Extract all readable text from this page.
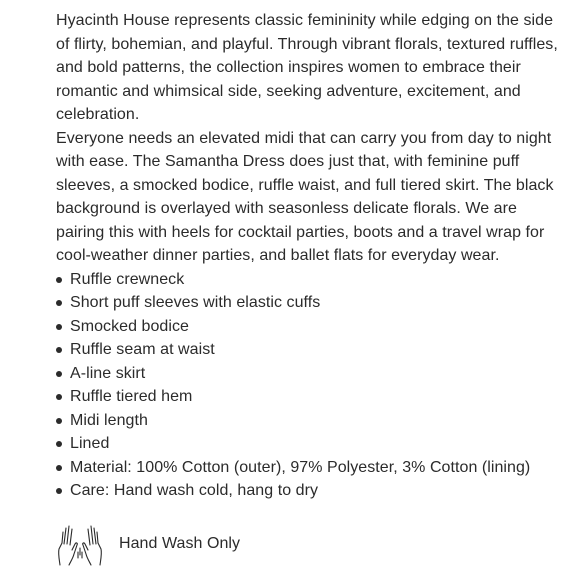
Hyacinth House represents classic femininity while edging on the side of flirty, bohemian, and playful. Through vibrant florals, textured ruffles, and bold patterns, the collection inspires women to embrace their romantic and whimsical side, seeking adventure, excitement, and celebration.

Everyone needs an elevated midi that can carry you from day to night with ease. The Samantha Dress does just that, with feminine puff sleeves, a smocked bodice, ruffle waist, and full tiered skirt. The black background is overlayed with seasonless delicate florals. We are pairing this with heels for cocktail parties, boots and a travel wrap for cool-weather dinner parties, and ballet flats for everyday wear.

Ruffle crewneck
Short puff sleeves with elastic cuffs
Smocked bodice
Ruffle seam at waist
A-line skirt
Ruffle tiered hem
Midi length
Lined
Material: 100% Cotton (outer), 97% Polyester, 3% Cotton (lining)
Care: Hand wash cold, hang to dry
Hand Wash Only
